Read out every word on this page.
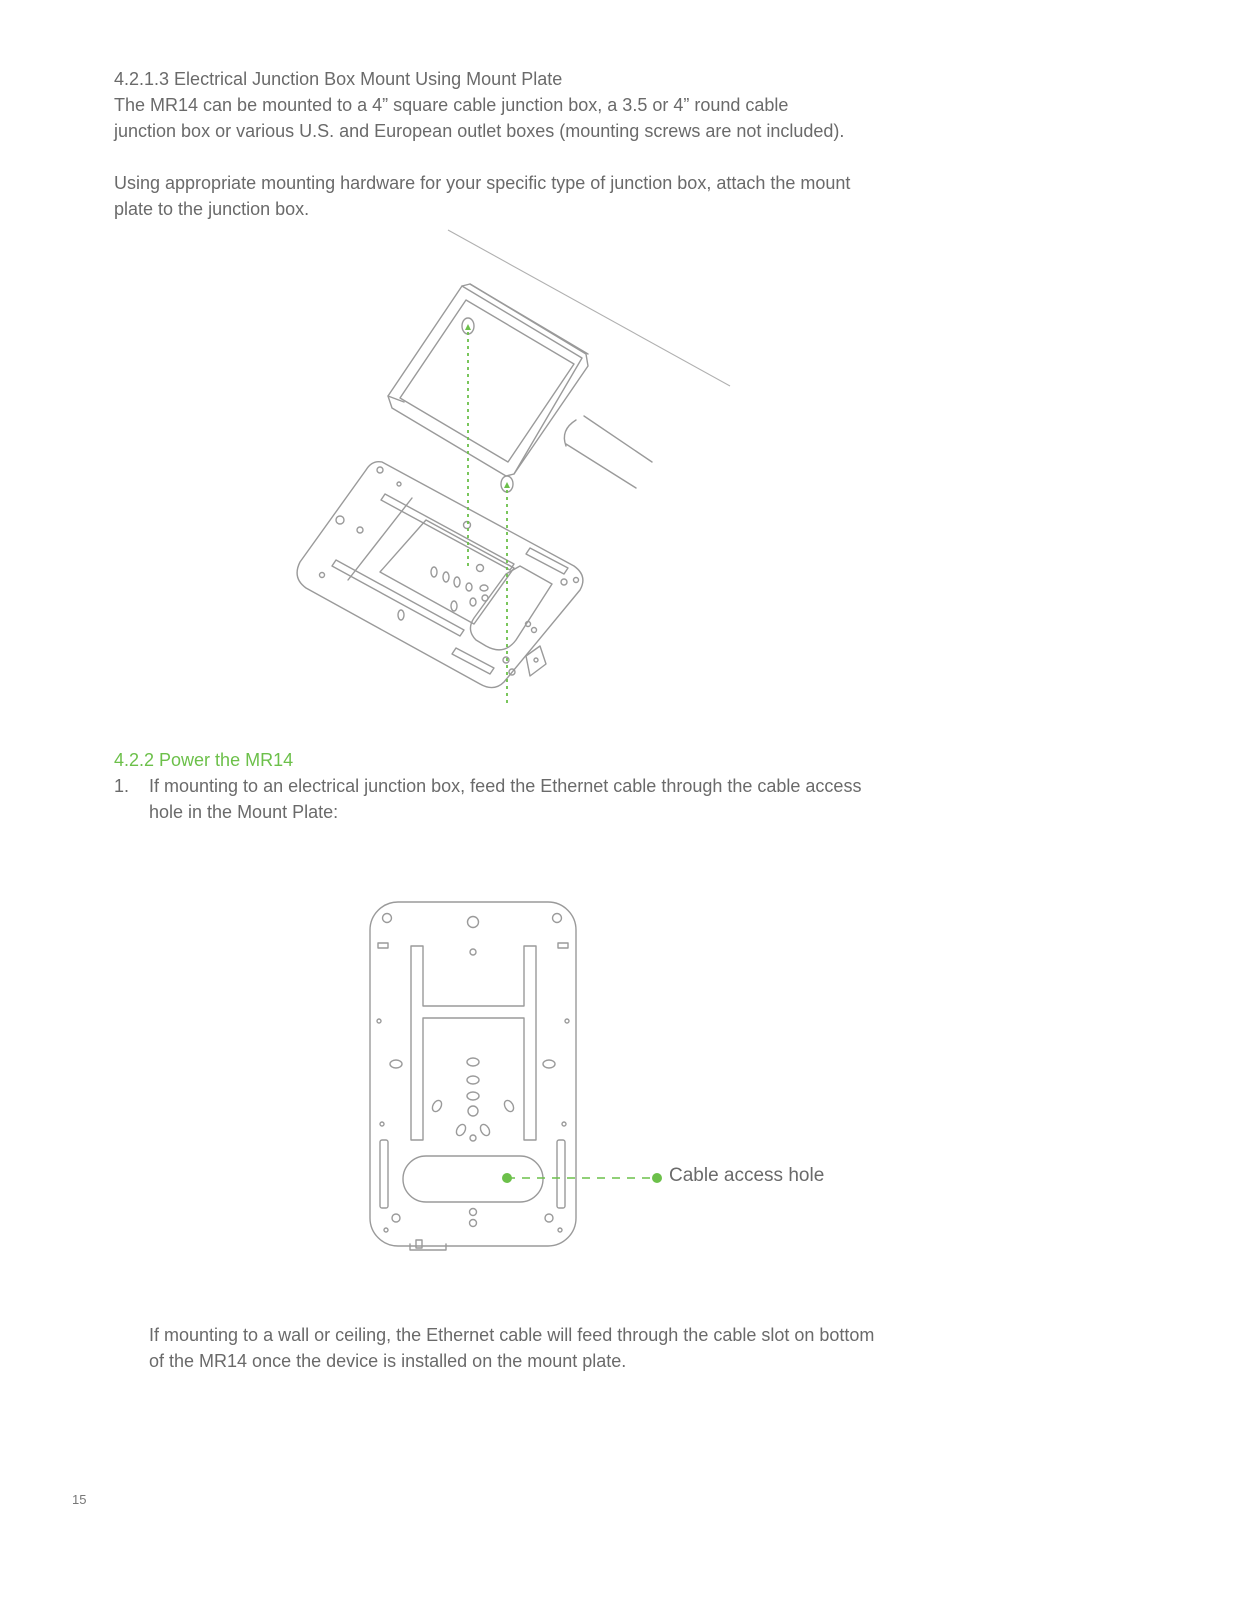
4.2.1.3 Electrical Junction Box Mount Using Mount Plate
The MR14 can be mounted to a 4” square cable junction box, a 3.5 or 4” round cable
junction box or various U.S. and European outlet boxes (mounting screws are not included).
Using appropriate mounting hardware for your specific type of junction box, attach the mount
plate to the junction box.
4.2.2 Power the MR14
1. If mounting to an electrical junction box, feed the Ethernet cable through the cable access
hole in the Mount Plate:
Cable access hole
If mounting to a wall or ceiling, the Ethernet cable will feed through the cable slot on bottom
of the MR14 once the device is installed on the mount plate.
15
